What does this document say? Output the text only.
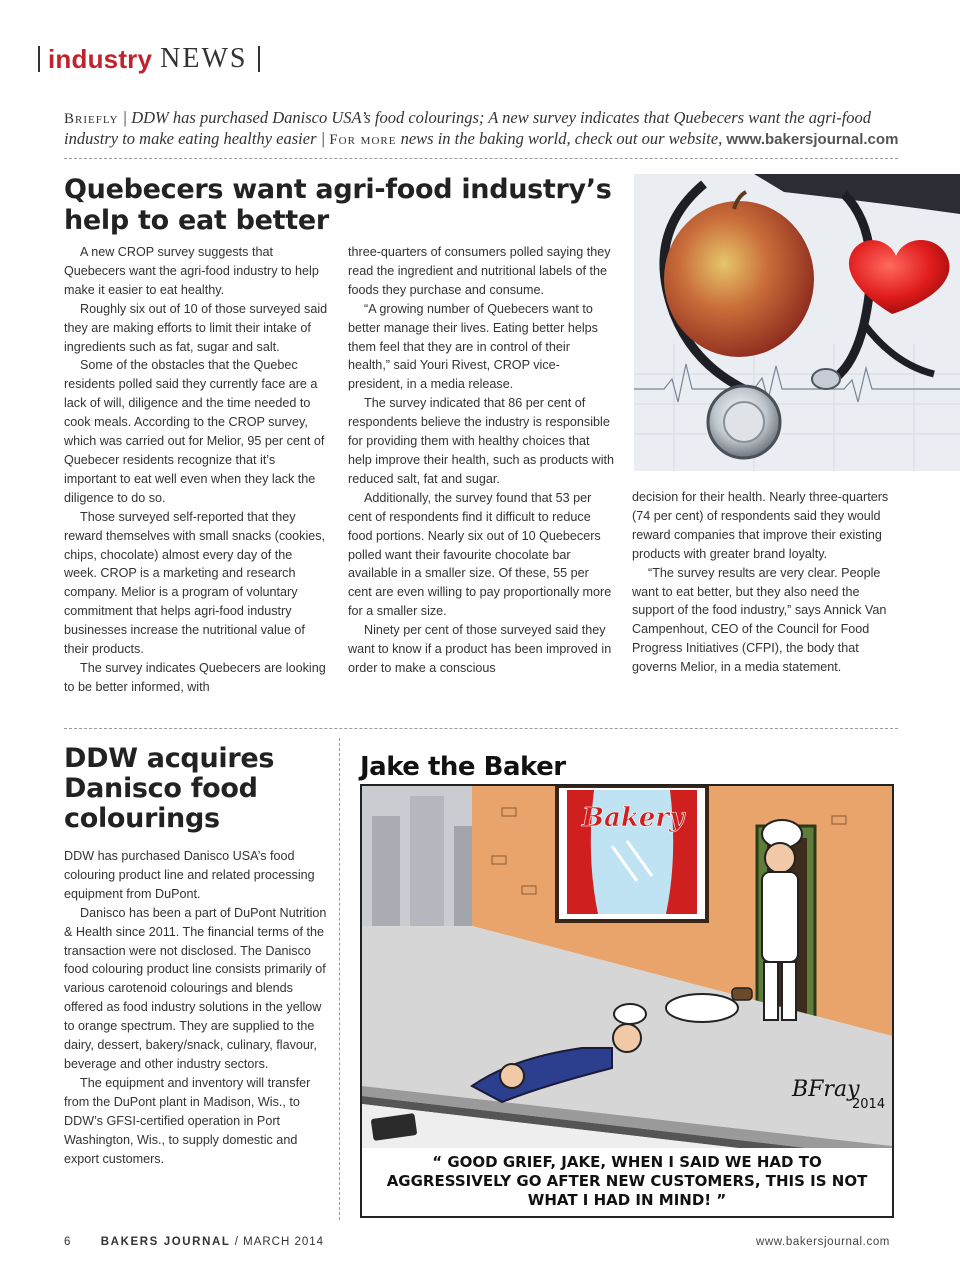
industry NEWS
Briefly | DDW has purchased Danisco USA’s food colourings; A new survey indicates that Quebecers want the agri-food industry to make eating healthy easier | For more news in the baking world, check out our website, www.bakersjournal.com
Quebecers want agri-food industry’s help to eat better

A new CROP survey suggests that Quebecers want the agri-food industry to help make it easier to eat healthy.

Roughly six out of 10 of those surveyed said they are making efforts to limit their intake of ingredients such as fat, sugar and salt.

Some of the obstacles that the Quebec residents polled said they currently face are a lack of will, diligence and the time needed to cook meals. According to the CROP survey, which was carried out for Melior, 95 per cent of Quebecer residents recognize that it’s important to eat well even when they lack the diligence to do so.

Those surveyed self-reported that they reward themselves with small snacks (cookies, chips, chocolate) almost every day of the week. CROP is a marketing and research company. Melior is a program of voluntary commitment that helps agri-food industry businesses increase the nutritional value of their products.

The survey indicates Quebecers are looking to be better informed, with

three-quarters of consumers polled saying they read the ingredient and nutritional labels of the foods they purchase and consume.

“A growing number of Quebecers want to better manage their lives. Eating better helps them feel that they are in control of their health,” said Youri Rivest, CROP vice-president, in a media release.

The survey indicated that 86 per cent of respondents believe the industry is responsible for providing them with healthy choices that help improve their health, such as products with reduced salt, fat and sugar.

Additionally, the survey found that 53 per cent of respondents find it difficult to reduce food portions. Nearly six out of 10 Quebecers polled want their favourite chocolate bar available in a smaller size. Of these, 55 per cent are even willing to pay proportionally more for a smaller size.

Ninety per cent of those surveyed said they want to know if a product has been improved in order to make a conscious

decision for their health. Nearly three-quarters (74 per cent) of respondents said they would reward companies that improve their existing products with greater brand loyalty.

“The survey results are very clear. People want to eat better, but they also need the support of the food industry,” says Annick Van Campenhout, CEO of the Council for Food Progress Initiatives (CFPI), the body that governs Melior, in a media statement.

DDW acquires Danisco food colourings

DDW has purchased Danisco USA’s food colouring product line and related processing equipment from DuPont.

Danisco has been a part of DuPont Nutrition & Health since 2011. The financial terms of the transaction were not disclosed. The Danisco food colouring product line consists primarily of various carotenoid colourings and blends offered as food industry solutions in the yellow to orange spectrum. They are supplied to the dairy, dessert, bakery/snack, culinary, flavour, beverage and other industry sectors.

The equipment and inventory will transfer from the DuPont plant in Madison, Wis., to DDW’s GFSI-certified operation in Port Washington, Wis., to supply domestic and export customers.

Jake the Baker
BFray
2014
Bakery
“ GOOD GRIEF, JAKE, WHEN I SAID WE HAD TO AGGRESSIVELY GO AFTER NEW CUSTOMERS, THIS IS NOT WHAT I HAD IN MIND! ”
6	BAKERS JOURNAL / MARCH 2014	www.bakersjournal.com
